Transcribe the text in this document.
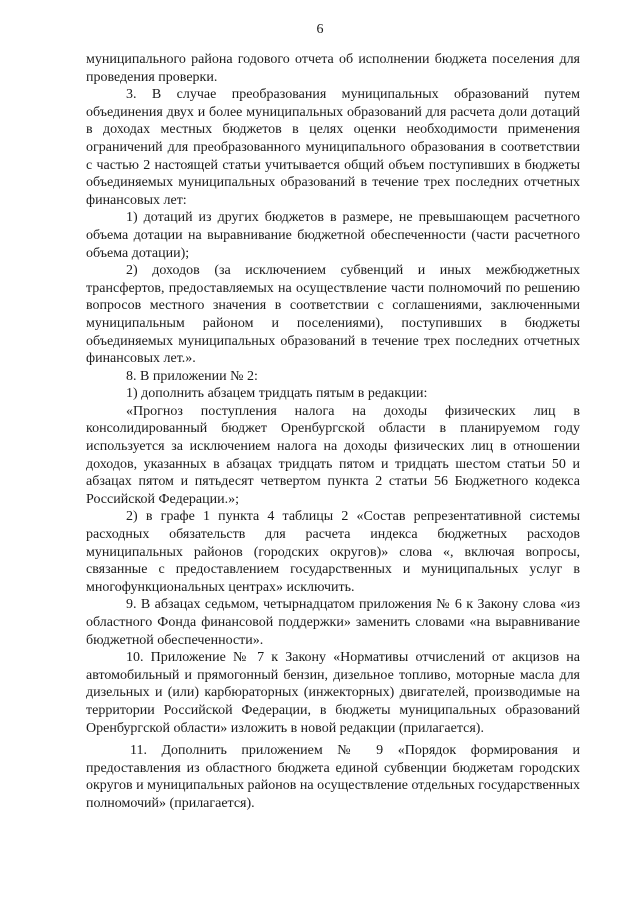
6

муниципального района годового отчета об исполнении бюджета поселения для проведения проверки.

3. В случае преобразования муниципальных образований путем объединения двух и более муниципальных образований для расчета доли дотаций в доходах местных бюджетов в целях оценки необходимости применения ограничений для преобразованного муниципального образования в соответствии с частью 2 настоящей статьи учитывается общий объем поступивших в бюджеты объединяемых муниципальных образований в течение трех последних отчетных финансовых лет:

1) дотаций из других бюджетов в размере, не превышающем расчетного объема дотации на выравнивание бюджетной обеспеченности (части расчетного объема дотации);

2) доходов (за исключением субвенций и иных межбюджетных трансфертов, предоставляемых на осуществление части полномочий по решению вопросов местного значения в соответствии с соглашениями, заключенными муниципальным районом и поселениями), поступивших в бюджеты объединяемых муниципальных образований в течение трех последних отчетных финансовых лет.».

8. В приложении № 2:

1) дополнить абзацем тридцать пятым в редакции:

«Прогноз поступления налога на доходы физических лиц в консолидированный бюджет Оренбургской области в планируемом году используется за исключением налога на доходы физических лиц в отношении доходов, указанных в абзацах тридцать пятом и тридцать шестом статьи 50 и абзацах пятом и пятьдесят четвертом пункта 2 статьи 56 Бюджетного кодекса Российской Федерации.»;

2) в графе 1 пункта 4 таблицы 2 «Состав репрезентативной системы расходных обязательств для расчета индекса бюджетных расходов муниципальных районов (городских округов)» слова «, включая вопросы, связанные с предоставлением государственных и муниципальных услуг в многофункциональных центрах» исключить.

9. В абзацах седьмом, четырнадцатом приложения № 6 к Закону слова «из областного Фонда финансовой поддержки» заменить словами «на выравнивание бюджетной обеспеченности».

10. Приложение № 7 к Закону «Нормативы отчислений от акцизов на автомобильный и прямогонный бензин, дизельное топливо, моторные масла для дизельных и (или) карбюраторных (инжекторных) двигателей, производимые на территории Российской Федерации, в бюджеты муниципальных образований Оренбургской области» изложить в новой редакции (прилагается).

11. Дополнить приложением № 9 «Порядок формирования и предоставления из областного бюджета единой субвенции бюджетам городских округов и муниципальных районов на осуществление отдельных государственных полномочий» (прилагается).
